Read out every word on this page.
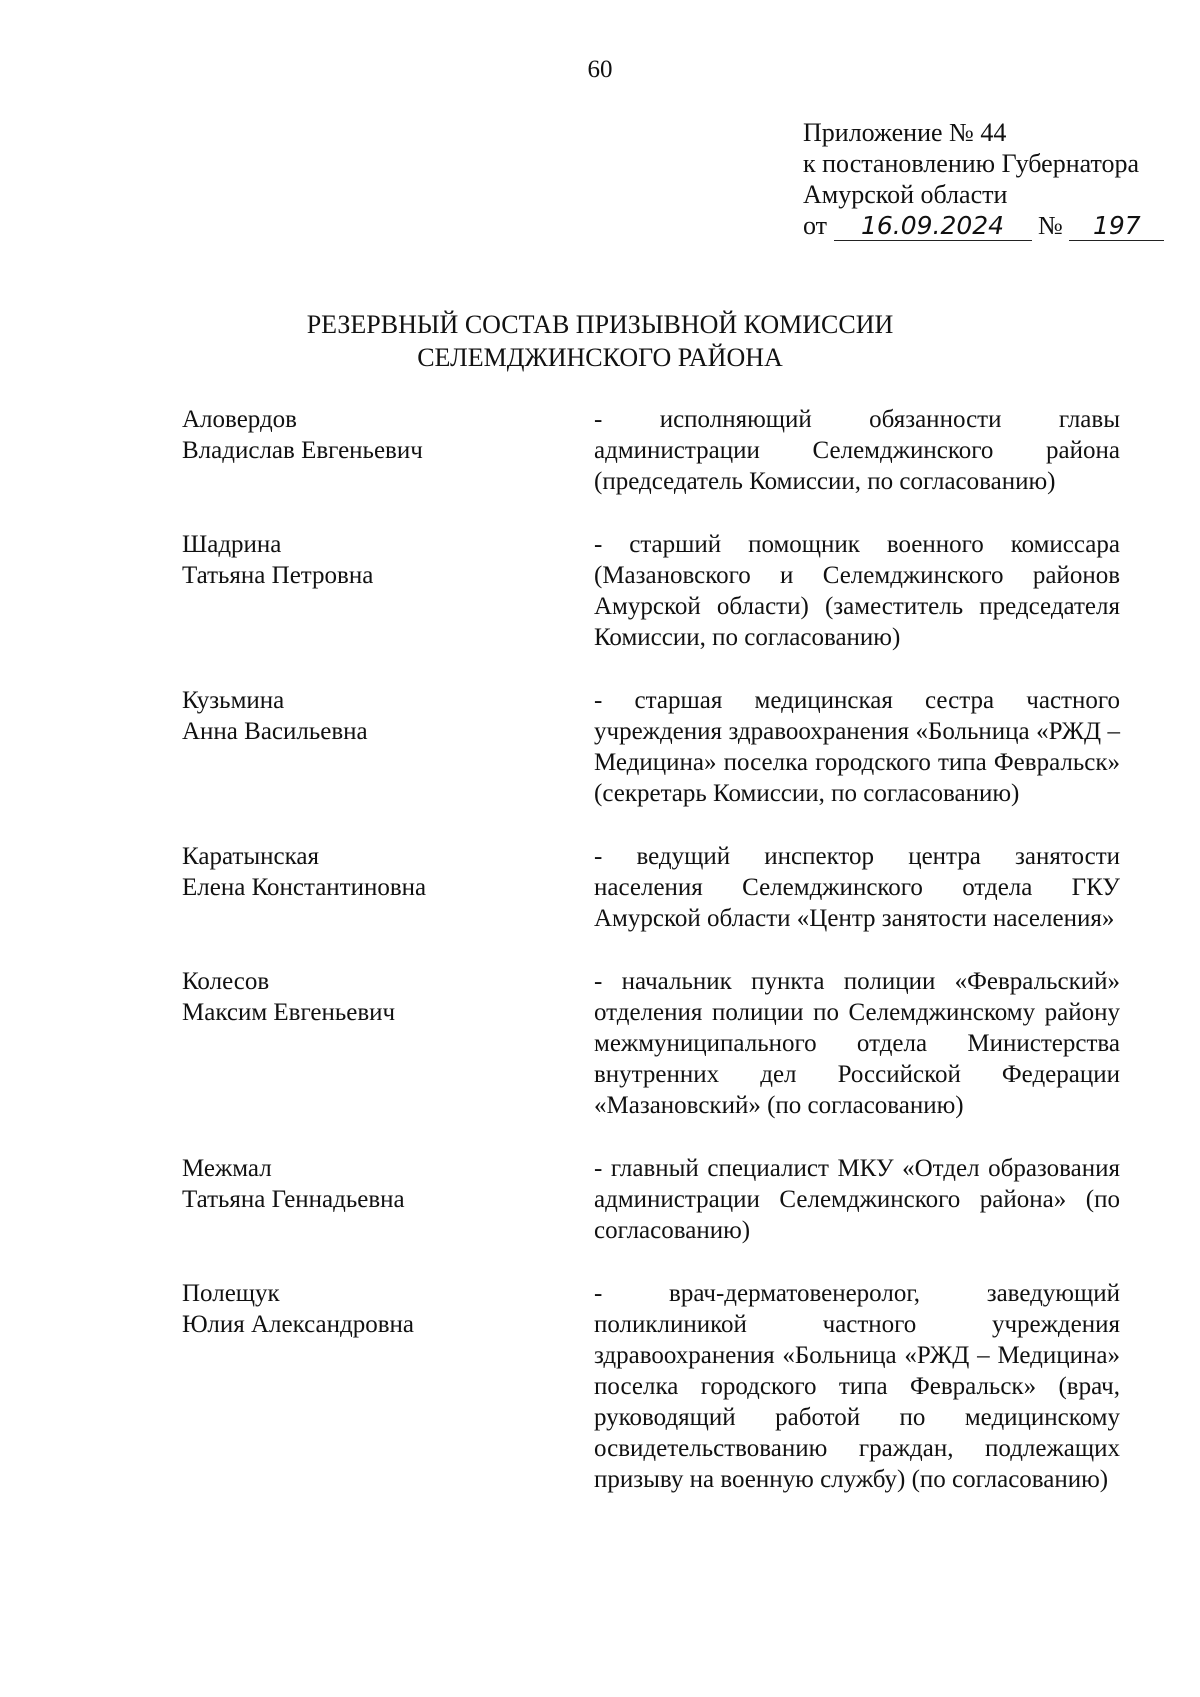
60
Приложение № 44
к постановлению Губернатора
Амурской области
от 16.09.2024 № 197
РЕЗЕРВНЫЙ СОСТАВ ПРИЗЫВНОЙ КОМИССИИ
СЕЛЕМДЖИНСКОГО РАЙОНА
Аловердов
Владислав Евгеньевич
- исполняющий обязанности главы администрации Селемджинского района (председатель Комиссии, по согласованию)
Шадрина
Татьяна Петровна
- старший помощник военного комиссара (Мазановского и Селемджинского районов Амурской области) (заместитель председателя Комиссии, по согласованию)
Кузьмина
Анна Васильевна
- старшая медицинская сестра частного учреждения здравоохранения «Больница «РЖД – Медицина» поселка городского типа Февральск» (секретарь Комиссии, по согласованию)
Каратынская
Елена Константиновна
- ведущий инспектор центра занятости населения Селемджинского отдела ГКУ Амурской области «Центр занятости населения»
Колесов
Максим Евгеньевич
- начальник пункта полиции «Февральский» отделения полиции по Селемджинскому району межмуниципального отдела Министерства внутренних дел Российской Федерации «Мазановский» (по согласованию)
Межмал
Татьяна Геннадьевна
- главный специалист МКУ «Отдел образования администрации Селемджинского района» (по согласованию)
Полещук
Юлия Александровна
- врач-дерматовенеролог, заведующий поликлиникой частного учреждения здравоохранения «Больница «РЖД – Медицина» поселка городского типа Февральск» (врач, руководящий работой по медицинскому освидетельствованию граждан, подлежащих призыву на военную службу) (по согласованию)
